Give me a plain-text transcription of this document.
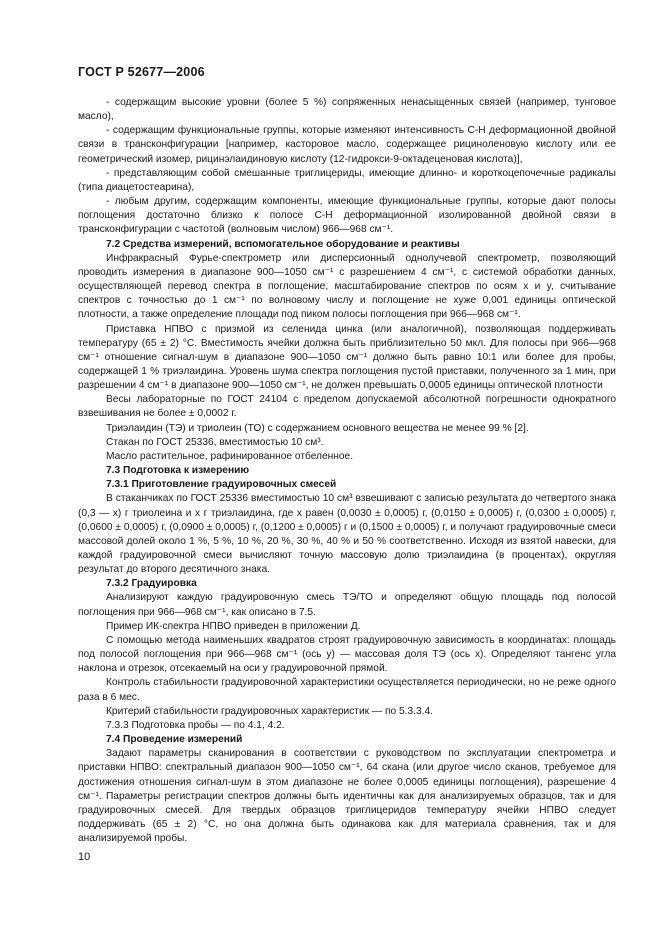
ГОСТ Р 52677—2006

- содержащим высокие уровни (более 5 %) сопряженных ненасыщенных связей (например, тунговое масло),

- содержащим функциональные группы, которые изменяют интенсивность C-H деформационной двойной связи в трансконфигурации [например, касторовое масло, содержащее рициноленовую кислоту или ее геометрический изомер, рицинэлаидиновую кислоту (12-гидрокси-9-октадеценовая кислота)],

- представляющим собой смешанные триглицериды, имеющие длинно- и короткоцепочечные радикалы (типа диацетостеарина),

- любым другим, содержащим компоненты, имеющие функциональные группы, которые дают полосы поглощения достаточно близко к полосе C-H деформационной изолированной двойной связи в трансконфигурации с частотой (волновым числом) 966—968 см⁻¹.

7.2 Средства измерений, вспомогательное оборудование и реактивы

Инфракрасный Фурье-спектрометр или дисперсионный однолучевой спектрометр, позволяющий проводить измерения в диапазоне 900—1050 см⁻¹ с разрешением 4 см⁻¹, с системой обработки данных, осуществляющей перевод спектра в поглощение, масштабирование спектров по осям x и y, считывание спектров с точностью до 1 см⁻¹ по волновому числу и поглощение не хуже 0,001 единицы оптической плотности, а также определение площади под пиком полосы поглощения при 966—968 см⁻¹.

Приставка НПВО с призмой из селенида цинка (или аналогичной), позволяющая поддерживать температуру (65 ± 2) °С. Вместимость ячейки должна быть приблизительно 50 мкл. Для полосы при 966—968 см⁻¹ отношение сигнал-шум в диапазоне 900—1050 см⁻¹ должно быть равно 10:1 или более для пробы, содержащей 1 % триэлаидина. Уровень шума спектра поглощения пустой приставки, полученного за 1 мин, при разрешении 4 см⁻¹ в диапазоне 900—1050 см⁻¹, не должен превышать 0,0005 единицы оптической плотности

Весы лабораторные по ГОСТ 24104 с пределом допускаемой абсолютной погрешности однократного взвешивания не более ± 0,0002 г.

Триэлаидин (ТЭ) и триолеин (ТО) с содержанием основного вещества не менее 99 % [2].

Стакан по ГОСТ 25336, вместимостью 10 см³.

Масло растительное, рафинированное отбеленное.

7.3 Подготовка к измерению

7.3.1 Приготовление градуировочных смесей

В стаканчиках по ГОСТ 25336 вместимостью 10 см³ взвешивают с записью результата до четвертого знака (0,3 — x) г триолеина и x г триэлаидина, где x равен (0,0030 ± 0,0005) г, (0,0150 ± 0,0005) г, (0,0300 ± 0,0005) г, (0,0600 ± 0,0005) г, (0,0900 ± 0,0005) г, (0,1200 ± 0,0005) г и (0,1500 ± 0,0005) г, и получают градуировочные смеси массовой долей около 1 %, 5 %, 10 %, 20 %, 30 %, 40 % и 50 % соответственно. Исходя из взятой навески, для каждой градуировочной смеси вычисляют точную массовую долю триэлаидина (в процентах), округляя результат до второго десятичного знака.

7.3.2 Градуировка

Анализируют каждую градуировочную смесь ТЭ/ТО и определяют общую площадь под полосой поглощения при 966—968 см⁻¹, как описано в 7.5.

Пример ИК-спектра НПВО приведен в приложении Д.

С помощью метода наименьших квадратов строят градуировочную зависимость в координатах: площадь под полосой поглощения при 966—968 см⁻¹ (ось y) — массовая доля ТЭ (ось x). Определяют тангенс угла наклона и отрезок, отсекаемый на оси y градуировочной прямой.

Контроль стабильности градуировочной характеристики осуществляется периодически, но не реже одного раза в 6 мес.

Критерий стабильности градуировочных характеристик — по 5.3.3.4.

7.3.3 Подготовка пробы — по 4.1, 4.2.

7.4 Проведение измерений

Задают параметры сканирования в соответствии с руководством по эксплуатации спектрометра и приставки НПВО: спектральный диапазон 900—1050 см⁻¹, 64 скана (или другое число сканов, требуемое для достижения отношения сигнал-шум в этом диапазоне не более 0,0005 единицы поглощения), разрешение 4 см⁻¹. Параметры регистрации спектров должны быть идентичны как для анализируемых образцов, так и для градуировочных смесей. Для твердых образцов триглицеридов температуру ячейки НПВО следует поддерживать (65 ± 2) °С, но она должна быть одинакова как для материала сравнения, так и для анализируемой пробы.

10
